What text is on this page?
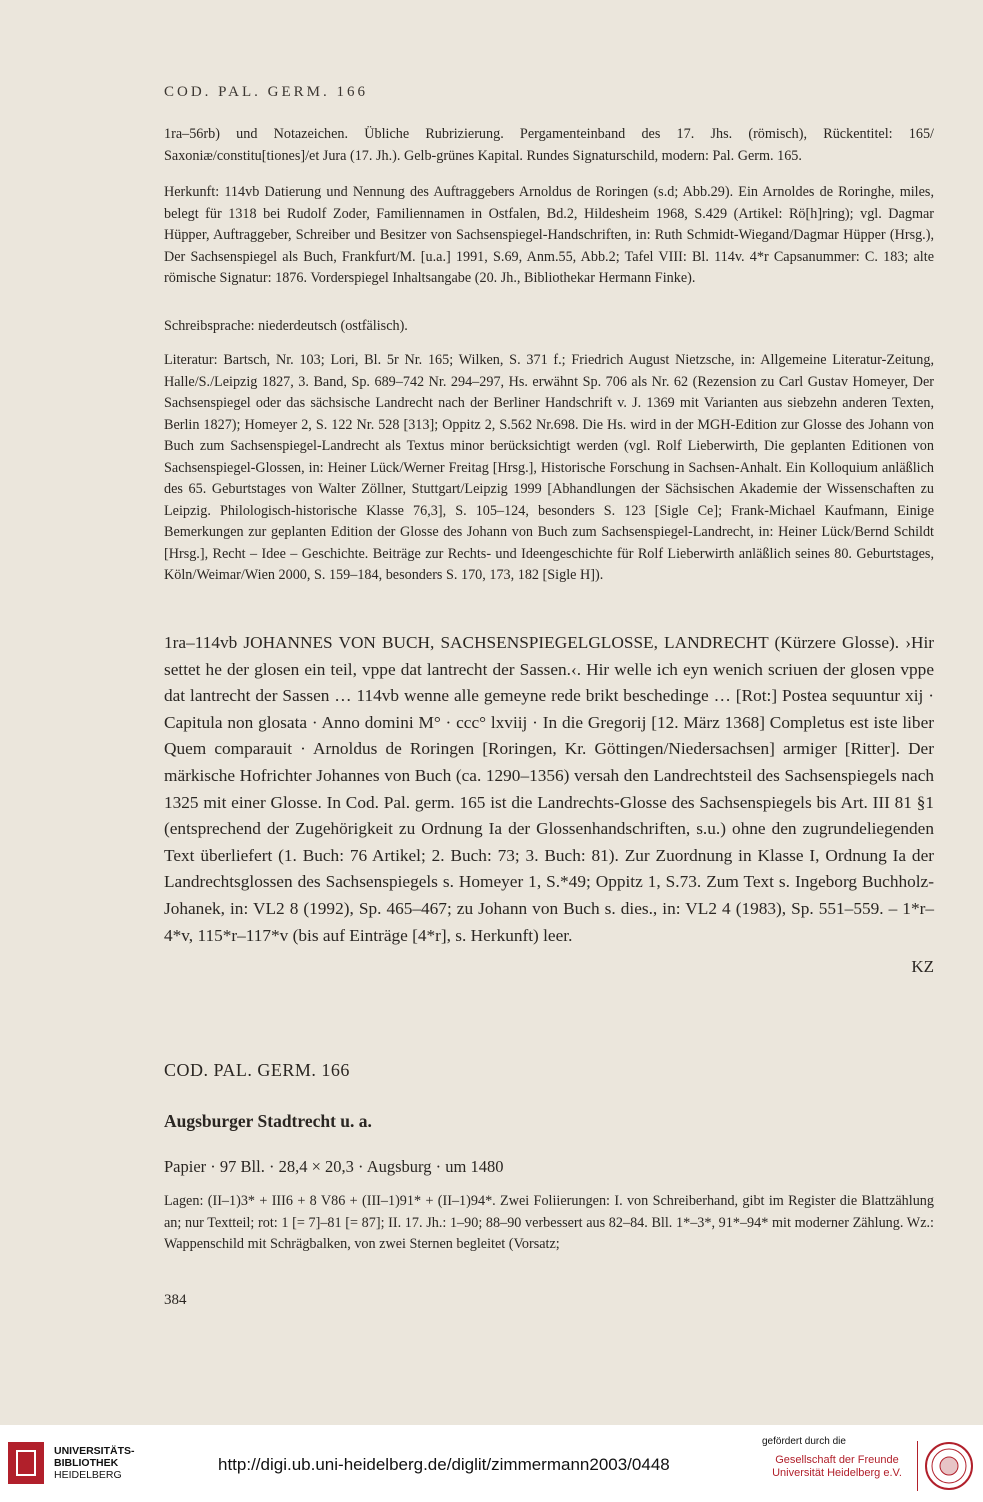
COD. PAL. GERM. 166

1ra–56rb) und Notazeichen. Übliche Rubrizierung. Pergamenteinband des 17. Jhs. (römisch), Rückentitel: 165/ Saxoniæ/constitu[tiones]/et Jura (17. Jh.). Gelb-grünes Kapital. Rundes Signaturschild, modern: Pal. Germ. 165.

Herkunft: 114vb Datierung und Nennung des Auftraggebers Arnoldus de Roringen (s.d; Abb.29). Ein Arnoldes de Roringhe, miles, belegt für 1318 bei Rudolf Zoder, Familiennamen in Ostfalen, Bd.2, Hildesheim 1968, S.429 (Artikel: Rö[h]ring); vgl. Dagmar Hüpper, Auftraggeber, Schreiber und Besitzer von Sachsenspiegel-Handschriften, in: Ruth Schmidt-Wiegand/Dagmar Hüpper (Hrsg.), Der Sachsenspiegel als Buch, Frankfurt/M. [u.a.] 1991, S.69, Anm.55, Abb.2; Tafel VIII: Bl. 114v. 4*r Capsanummer: C. 183; alte römische Signatur: 1876. Vorderspiegel Inhaltsangabe (20. Jh., Bibliothekar Hermann Finke).

Schreibsprache: niederdeutsch (ostfälisch).

Literatur: Bartsch, Nr. 103; Lori, Bl. 5r Nr. 165; Wilken, S. 371 f.; Friedrich August Nietzsche, in: Allgemeine Literatur-Zeitung, Halle/S./Leipzig 1827, 3. Band, Sp. 689–742 Nr. 294–297, Hs. erwähnt Sp. 706 als Nr. 62 (Rezension zu Carl Gustav Homeyer, Der Sachsenspiegel oder das sächsische Landrecht nach der Berliner Handschrift v. J. 1369 mit Varianten aus siebzehn anderen Texten, Berlin 1827); Homeyer 2, S. 122 Nr. 528 [313]; Oppitz 2, S.562 Nr.698. Die Hs. wird in der MGH-Edition zur Glosse des Johann von Buch zum Sachsenspiegel-Landrecht als Textus minor berücksichtigt werden (vgl. Rolf Lieberwirth, Die geplanten Editionen von Sachsenspiegel-Glossen, in: Heiner Lück/Werner Freitag [Hrsg.], Historische Forschung in Sachsen-Anhalt. Ein Kolloquium anläßlich des 65. Geburtstages von Walter Zöllner, Stuttgart/Leipzig 1999 [Abhandlungen der Sächsischen Akademie der Wissenschaften zu Leipzig. Philologisch-historische Klasse 76,3], S. 105–124, besonders S. 123 [Sigle Ce]; Frank-Michael Kaufmann, Einige Bemerkungen zur geplanten Edition der Glosse des Johann von Buch zum Sachsenspiegel-Landrecht, in: Heiner Lück/Bernd Schildt [Hrsg.], Recht – Idee – Geschichte. Beiträge zur Rechts- und Ideengeschichte für Rolf Lieberwirth anläßlich seines 80. Geburtstages, Köln/Weimar/Wien 2000, S. 159–184, besonders S. 170, 173, 182 [Sigle H]).

1ra–114vb JOHANNES VON BUCH, SACHSENSPIEGELGLOSSE, LANDRECHT (Kürzere Glosse). ›Hir settet he der glosen ein teil, vppe dat lantrecht der Sassen.‹. Hir welle ich eyn wenich scriuen der glosen vppe dat lantrecht der Sassen … 114vb wenne alle gemeyne rede brikt beschedinge … [Rot:] Postea sequuntur xij · Capitula non glosata · Anno domini M° · ccc° lxviij · In die Gregorij [12. März 1368] Completus est iste liber Quem comparauit · Arnoldus de Roringen [Roringen, Kr. Göttingen/Niedersachsen] armiger [Ritter]. Der märkische Hofrichter Johannes von Buch (ca. 1290–1356) versah den Landrechtsteil des Sachsenspiegels nach 1325 mit einer Glosse. In Cod. Pal. germ. 165 ist die Landrechts-Glosse des Sachsenspiegels bis Art. III 81 §1 (entsprechend der Zugehörigkeit zu Ordnung Ia der Glossenhandschriften, s.u.) ohne den zugrundeliegenden Text überliefert (1. Buch: 76 Artikel; 2. Buch: 73; 3. Buch: 81). Zur Zuordnung in Klasse I, Ordnung Ia der Landrechtsglossen des Sachsenspiegels s. Homeyer 1, S.*49; Oppitz 1, S.73. Zum Text s. Ingeborg Buchholz-Johanek, in: VL2 8 (1992), Sp. 465–467; zu Johann von Buch s. dies., in: VL2 4 (1983), Sp. 551–559. – 1*r–4*v, 115*r–117*v (bis auf Einträge [4*r], s. Herkunft) leer.

KZ
COD. PAL. GERM. 166
Augsburger Stadtrecht u. a.
Papier · 97 Bll. · 28,4 × 20,3 · Augsburg · um 1480

Lagen: (II–1)3* + III6 + 8 V86 + (III–1)91* + (II–1)94*. Zwei Foliierungen: I. von Schreiberhand, gibt im Register die Blattzählung an; nur Textteil; rot: 1 [= 7]–81 [= 87]; II. 17. Jh.: 1–90; 88–90 verbessert aus 82–84. Bll. 1*–3*, 91*–94* mit moderner Zählung. Wz.: Wappenschild mit Schrägbalken, von zwei Sternen begleitet (Vorsatz;

384
UNIVERSITÄTS-
BIBLIOTHEK
HEIDELBERG
http://digi.ub.uni-heidelberg.de/diglit/zimmermann2003/0448
gefördert durch die
Gesellschaft der Freunde
Universität Heidelberg e.V.
